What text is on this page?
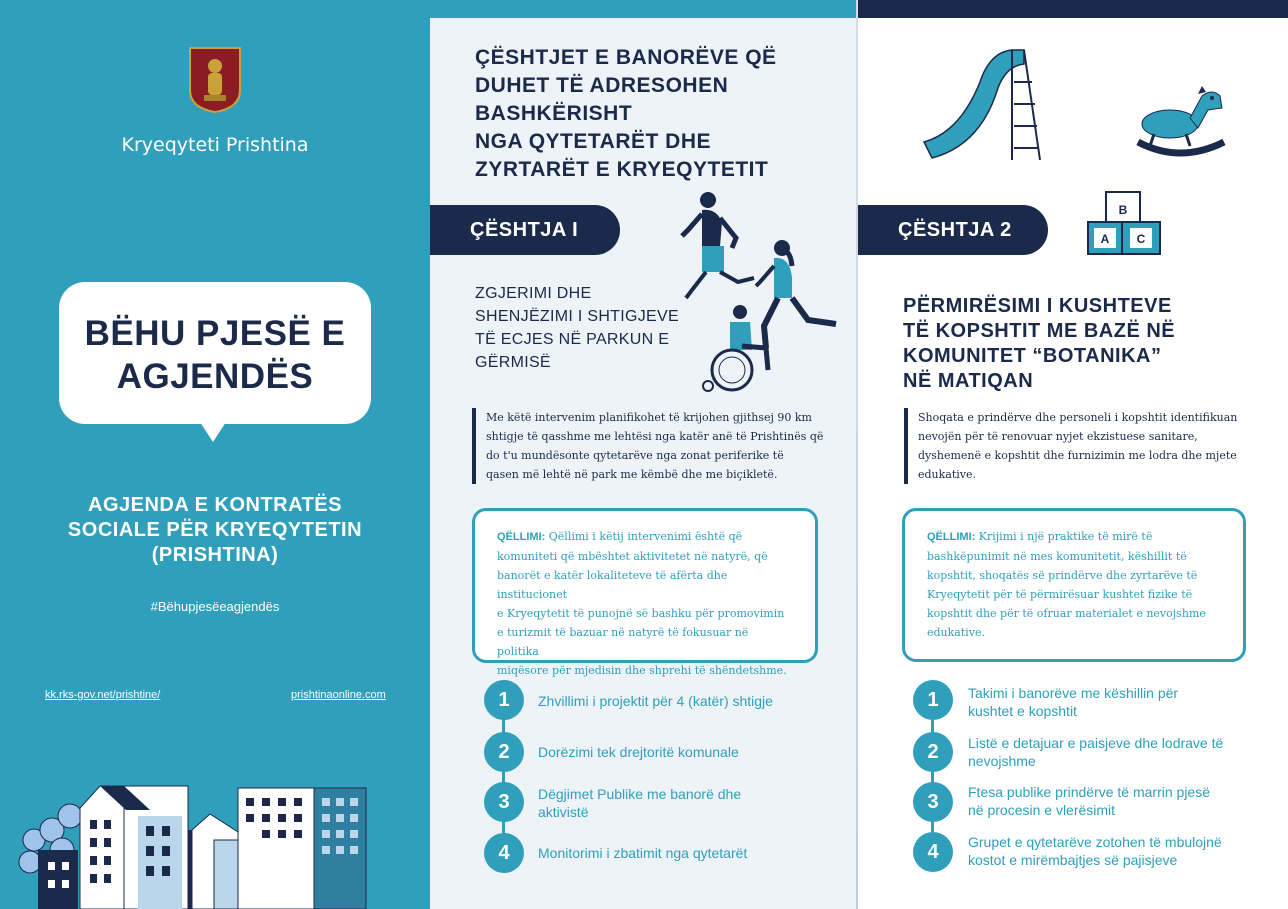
Kryeqyteti Prishtina
BËHU PJESË E
AGJENDËS
AGJENDA E KONTRATËS
SOCIALE PËR KRYEQYTETIN
(PRISHTINA)
#Bëhupjesëeagjendës
kk.rks-gov.net/prishtine/	prishtinaonline.com
ÇËSHTJET E BANORËVE QË
DUHET TË ADRESOHEN
BASHKËRISHT
NGA QYTETARËT DHE
ZYRTARËT E KRYEQYTETIT
ÇËSHTJA I
ZGJERIMI DHE
SHENJËZIMI I SHTIGJEVE
TË ECJES NË PARKUN E
GËRMISË
Me këtë intervenim planifikohet të krijohen gjithsej 90 km
shtigje të qasshme me lehtësi nga katër anë të Prishtinës që
do t'u mundësonte qytetarëve nga zonat periferike të
qasen më lehtë në park me këmbë dhe me biçikletë.
QËLLIMI: Qëllimi i këtij intervenimi është që
komuniteti që mbështet aktivitetet në natyrë, që
banorët e katër lokaliteteve të afërta dhe institucionet
e Kryeqytetit të punojnë së bashku për promovimin
e turizmit të bazuar në natyrë të fokusuar në politika
miqësore për mjedisin dhe shprehi të shëndetshme.
1	Zhvillimi i projektit për 4 (katër) shtigje
2	Dorëzimi tek drejtoritë komunale
3	Dëgjimet Publike me banorë dhe
aktivistë
4	Monitorimi i zbatimit nga qytetarët
ÇËSHTJA 2
B
A C
PËRMIRËSIMI I KUSHTEVE
TË KOPSHTIT ME BAZË NË
KOMUNITET “BOTANIKA”
NË MATIQAN
Shoqata e prindërve dhe personeli i kopshtit identifikuan
nevojën për të renovuar nyjet ekzistuese sanitare,
dyshemenë e kopshtit dhe furnizimin me lodra dhe mjete
edukative.
QËLLIMI: Krijimi i një praktike të mirë të
bashkëpunimit në mes komunitetit, këshillit të
kopshtit, shoqatës së prindërve dhe zyrtarëve të
Kryeqytetit për të përmirësuar kushtet fizike të
kopshtit dhe për të ofruar materialet e nevojshme
edukative.
1	Takimi i banorëve me këshillin për
kushtet e kopshtit
2	Listë e detajuar e paisjeve dhe lodrave të
nevojshme
3	Ftesa publike prindërve të marrin pjesë
në procesin e vlerësimit
4	Grupet e qytetarëve zotohen të mbulojnë
kostot e mirëmbajtjes së pajisjeve
